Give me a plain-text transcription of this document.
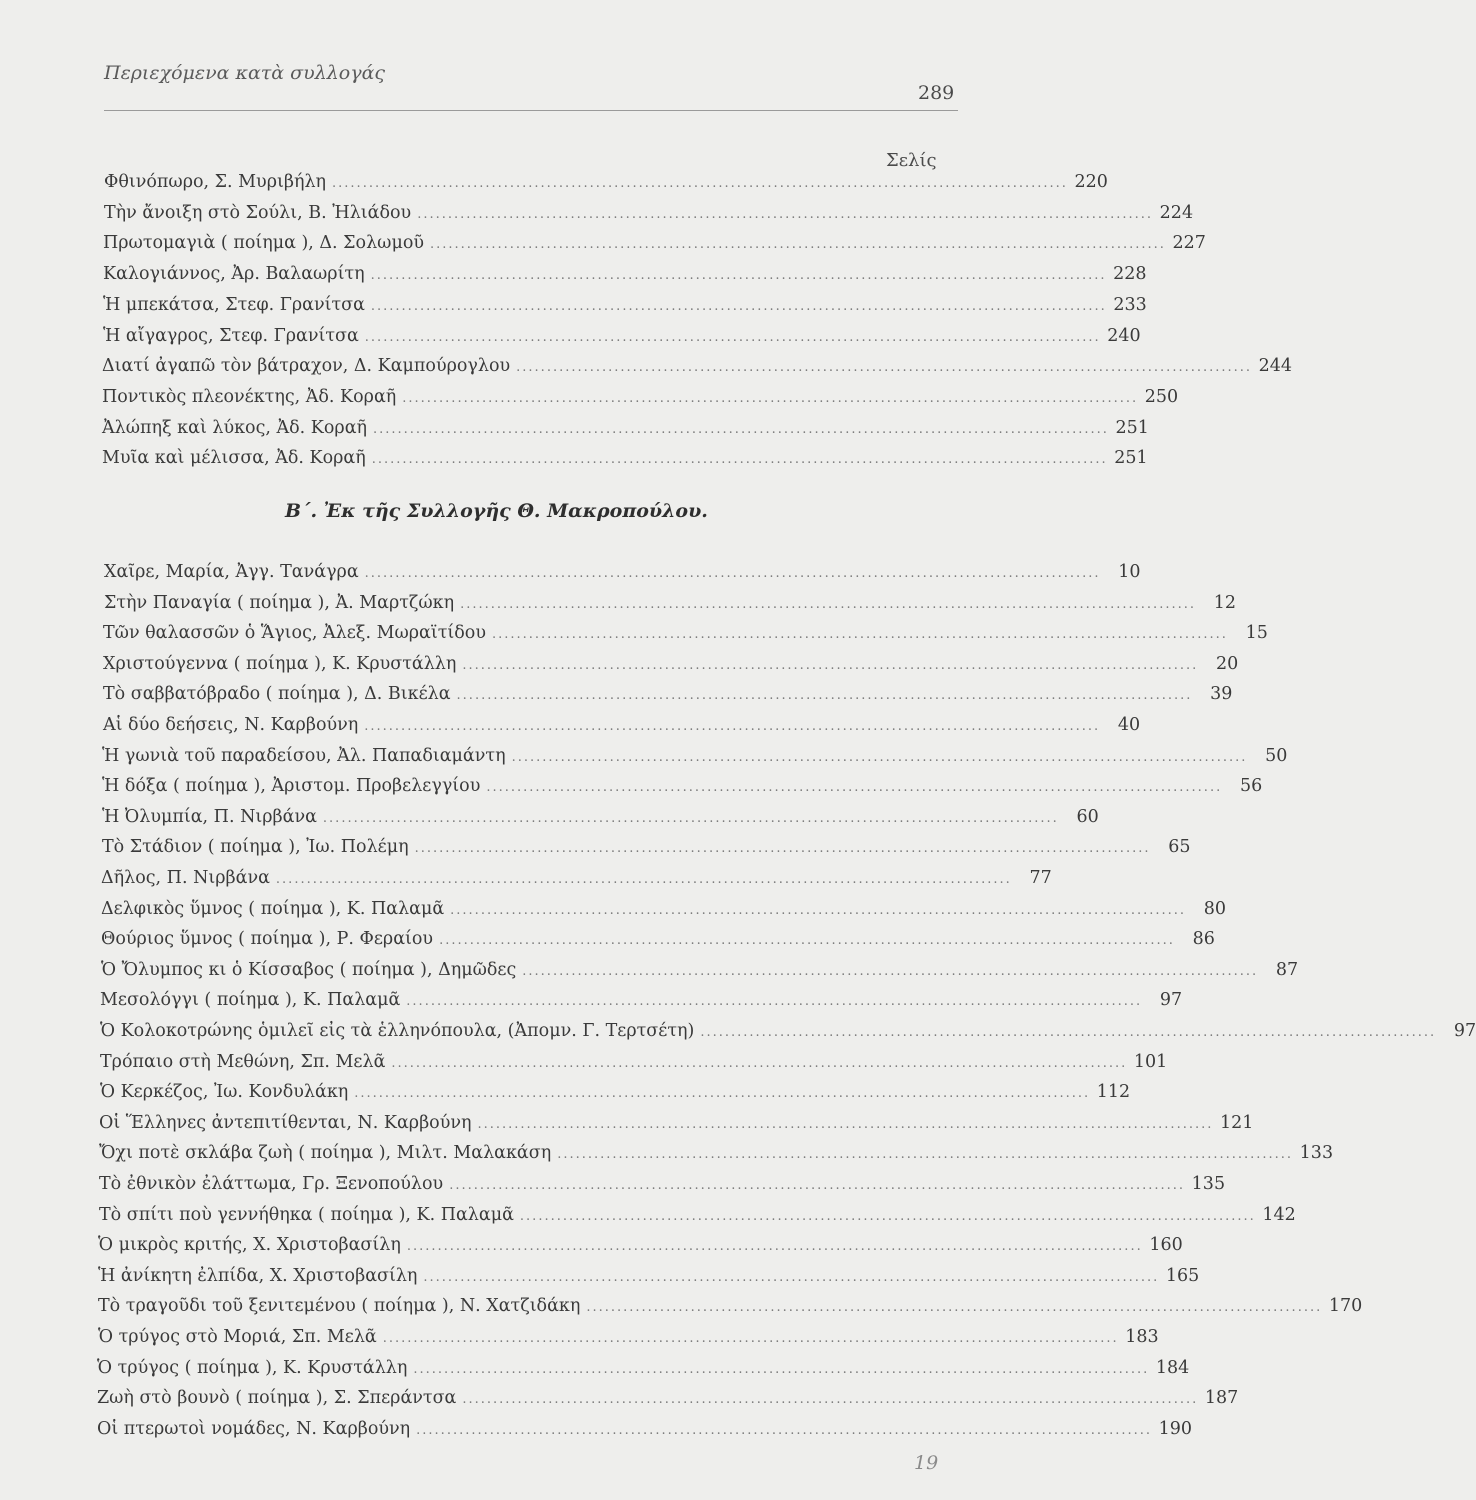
Περιεχόμενα κατὰ συλλογάς
289
Σελίς
Φθινόπωρο, Σ. Μυριβήλη ........................................................................................................................ 220
Τὴν ἄνοιξη στὸ Σούλι, Β. Ἠλιάδου ........................................................................................................................ 224
Πρωτομαγιὰ ( ποίημα ), Δ. Σολωμοῦ ........................................................................................................................ 227
Καλογιάννος, Ἀρ. Βαλαωρίτη ........................................................................................................................ 228
Ἡ μπεκάτσα, Στεφ. Γρανίτσα ........................................................................................................................ 233
Ἡ αἴγαγρος, Στεφ. Γρανίτσα ........................................................................................................................ 240
Διατί ἀγαπῶ τὸν βάτραχον, Δ. Καμπούρογλου ........................................................................................................................ 244
Ποντικὸς πλεονέκτης, Ἀδ. Κοραῆ ........................................................................................................................ 250
Ἀλώπηξ καὶ λύκος, Ἀδ. Κοραῆ ........................................................................................................................ 251
Μυῖα καὶ μέλισσα, Ἀδ. Κοραῆ ........................................................................................................................ 251
Β΄. Ἐκ τῆς Συλλογῆς Θ. Μακροπούλου.
Χαῖρε, Μαρία, Ἀγγ. Τανάγρα ........................................................................................................................	10
Στὴν Παναγία ( ποίημα ), Ἀ. Μαρτζώκη ........................................................................................................................	12
Τῶν θαλασσῶν ὁ Ἅγιος, Ἀλεξ. Μωραϊτίδου ........................................................................................................................	15
Χριστούγεννα ( ποίημα ), Κ. Κρυστάλλη ........................................................................................................................	20
Τὸ σαββατόβραδο ( ποίημα ), Δ. Βικέλα ........................................................................................................................	39
Αἱ δύο δεήσεις, Ν. Καρβούνη ........................................................................................................................	40
Ἡ γωνιὰ τοῦ παραδείσου, Ἀλ. Παπαδιαμάντη ........................................................................................................................	50
Ἡ δόξα ( ποίημα ), Ἀριστομ. Προβελεγγίου ........................................................................................................................	56
Ἡ Ὀλυμπία, Π. Νιρβάνα ........................................................................................................................	60
Τὸ Στάδιον ( ποίημα ), Ἰω. Πολέμη ........................................................................................................................	65
Δῆλος, Π. Νιρβάνα ........................................................................................................................	77
Δελφικὸς ὕμνος ( ποίημα ), Κ. Παλαμᾶ ........................................................................................................................	80
Θούριος ὕμνος ( ποίημα ), Ρ. Φεραίου ........................................................................................................................	86
Ὁ Ὄλυμπος κι ὁ Κίσσαβος ( ποίημα ), Δημῶδες ........................................................................................................................	87
Μεσολόγγι ( ποίημα ), Κ. Παλαμᾶ ........................................................................................................................	97
Ὁ Κολοκοτρώνης ὁμιλεῖ εἰς τὰ ἑλληνόπουλα, (Ἀπομν. Γ. Τερτσέτη) ........................................................................................................................	97
Τρόπαιο στὴ Μεθώνη, Σπ. Μελᾶ ........................................................................................................................ 101
Ὁ Κερκέζος, Ἰω. Κονδυλάκη ........................................................................................................................ 112
Οἱ Ἕλληνες ἀντεπιτίθενται, Ν. Καρβούνη ........................................................................................................................ 121
Ὄχι ποτὲ σκλάβα ζωὴ ( ποίημα ), Μιλτ. Μαλακάση ........................................................................................................................ 133
Τὸ ἐθνικὸν ἐλάττωμα, Γρ. Ξενοπούλου ........................................................................................................................ 135
Τὸ σπίτι ποὺ γεννήθηκα ( ποίημα ), Κ. Παλαμᾶ ........................................................................................................................ 142
Ὁ μικρὸς κριτής, Χ. Χριστοβασίλη ........................................................................................................................ 160
Ἡ ἀνίκητη ἐλπίδα, Χ. Χριστοβασίλη ........................................................................................................................ 165
Τὸ τραγοῦδι τοῦ ξενιτεμένου ( ποίημα ), Ν. Χατζιδάκη ........................................................................................................................ 170
Ὁ τρύγος στὸ Μοριά, Σπ. Μελᾶ ........................................................................................................................ 183
Ὁ τρύγος ( ποίημα ), Κ. Κρυστάλλη ........................................................................................................................ 184
Ζωὴ στὸ βουνὸ ( ποίημα ), Σ. Σπεράντσα ........................................................................................................................ 187
Οἱ πτερωτοὶ νομάδες, Ν. Καρβούνη ........................................................................................................................ 190
19
